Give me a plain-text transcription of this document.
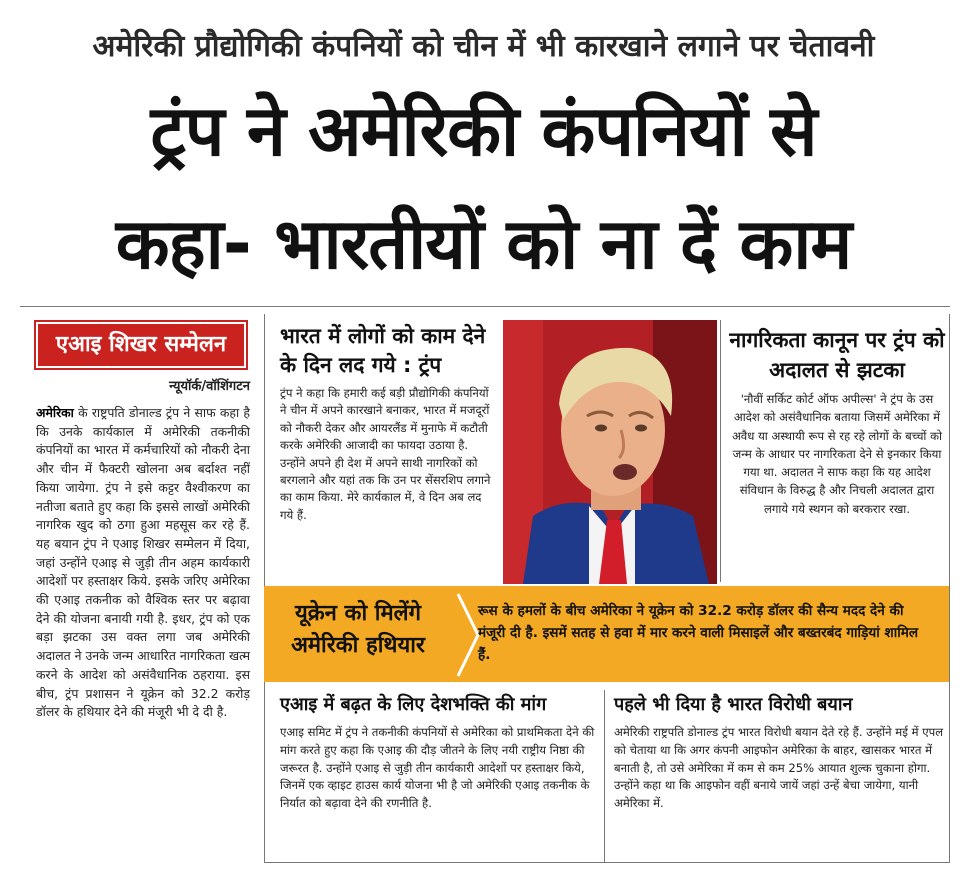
अमेरिकी प्रौद्योगिकी कंपनियों को चीन में भी कारखाने लगाने पर चेतावनी
ट्रंप ने अमेरिकी कंपनियों से
कहा- भारतीयों को ना दें काम
एआइ शिखर सम्मेलन
न्यूयॉर्क/वॉशिंगटन
अमेरिका के राष्ट्रपति डोनाल्ड ट्रंप ने साफ कहा है कि उनके कार्यकाल में अमेरिकी तकनीकी कंपनियों का भारत में कर्मचारियों को नौकरी देना और चीन में फैक्टरी खोलना अब बर्दाश्त नहीं किया जायेगा. ट्रंप ने इसे कट्टर वैश्वीकरण का नतीजा बताते हुए कहा कि इससे लाखों अमेरिकी नागरिक खुद को ठगा हुआ महसूस कर रहे हैं. यह बयान ट्रंप ने एआइ शिखर सम्मेलन में दिया, जहां उन्होंने एआइ से जुड़ी तीन अहम कार्यकारी आदेशों पर हस्ताक्षर किये. इसके जरिए अमेरिका की एआइ तकनीक को वैश्विक स्तर पर बढ़ावा देने की योजना बनायी गयी है. इधर, ट्रंप को एक बड़ा झटका उस वक्त लगा जब अमेरिकी अदालत ने उनके जन्म आधारित नागरिकता खत्म करने के आदेश को असंवैधानिक ठहराया. इस बीच, ट्रंप प्रशासन ने यूक्रेन को 32.2 करोड़ डॉलर के हथियार देने की मंजूरी भी दे दी है.
भारत में लोगों को काम देने के दिन लद गये : ट्रंप
ट्रंप ने कहा कि हमारी कई बड़ी प्रौद्योगिकी कंपनियों ने चीन में अपने कारखाने बनाकर, भारत में मजदूरों को नौकरी देकर और आयरलैंड में मुनाफे में कटौती करके अमेरिकी आजादी का फायदा उठाया है. उन्होंने अपने ही देश में अपने साथी नागरिकों को बरगलाने और यहां तक कि उन पर सेंसरशिप लगाने का काम किया. मेरे कार्यकाल में, वे दिन अब लद गये हैं.
नागरिकता कानून पर ट्रंप को अदालत से झटका
'नौवीं सर्किट कोर्ट ऑफ अपील्स' ने ट्रंप के उस आदेश को असंवैधानिक बताया जिसमें अमेरिका में अवैध या अस्थायी रूप से रह रहे लोगों के बच्चों को जन्म के आधार पर नागरिकता देने से इनकार किया गया था. अदालत ने साफ कहा कि यह आदेश संविधान के विरुद्ध है और निचली अदालत द्वारा लगाये गये स्थगन को बरकरार रखा.
यूक्रेन को मिलेंगे अमेरिकी हथियार
रूस के हमलों के बीच अमेरिका ने यूक्रेन को 32.2 करोड़ डॉलर की सैन्य मदद देने की मंजूरी दी है. इसमें सतह से हवा में मार करने वाली मिसाइलें और बख्तरबंद गाड़ियां शामिल हैं.
एआइ में बढ़त के लिए देशभक्ति की मांग
एआइ समिट में ट्रंप ने तकनीकी कंपनियों से अमेरिका को प्राथमिकता देने की मांग करते हुए कहा कि एआइ की दौड़ जीतने के लिए नयी राष्ट्रीय निष्ठा की जरूरत है. उन्होंने एआइ से जुड़ी तीन कार्यकारी आदेशों पर हस्ताक्षर किये, जिनमें एक व्हाइट हाउस कार्य योजना भी है जो अमेरिकी एआइ तकनीक के निर्यात को बढ़ावा देने की रणनीति है.
पहले भी दिया है भारत विरोधी बयान
अमेरिकी राष्ट्रपति डोनाल्ड ट्रंप भारत विरोधी बयान देते रहे हैं. उन्होंने मई में एपल को चेताया था कि अगर कंपनी आइफोन अमेरिका के बाहर, खासकर भारत में बनाती है, तो उसे अमेरिका में कम से कम 25% आयात शुल्क चुकाना होगा. उन्होंने कहा था कि आइफोन वहीं बनाये जायें जहां उन्हें बेचा जायेगा, यानी अमेरिका में.
